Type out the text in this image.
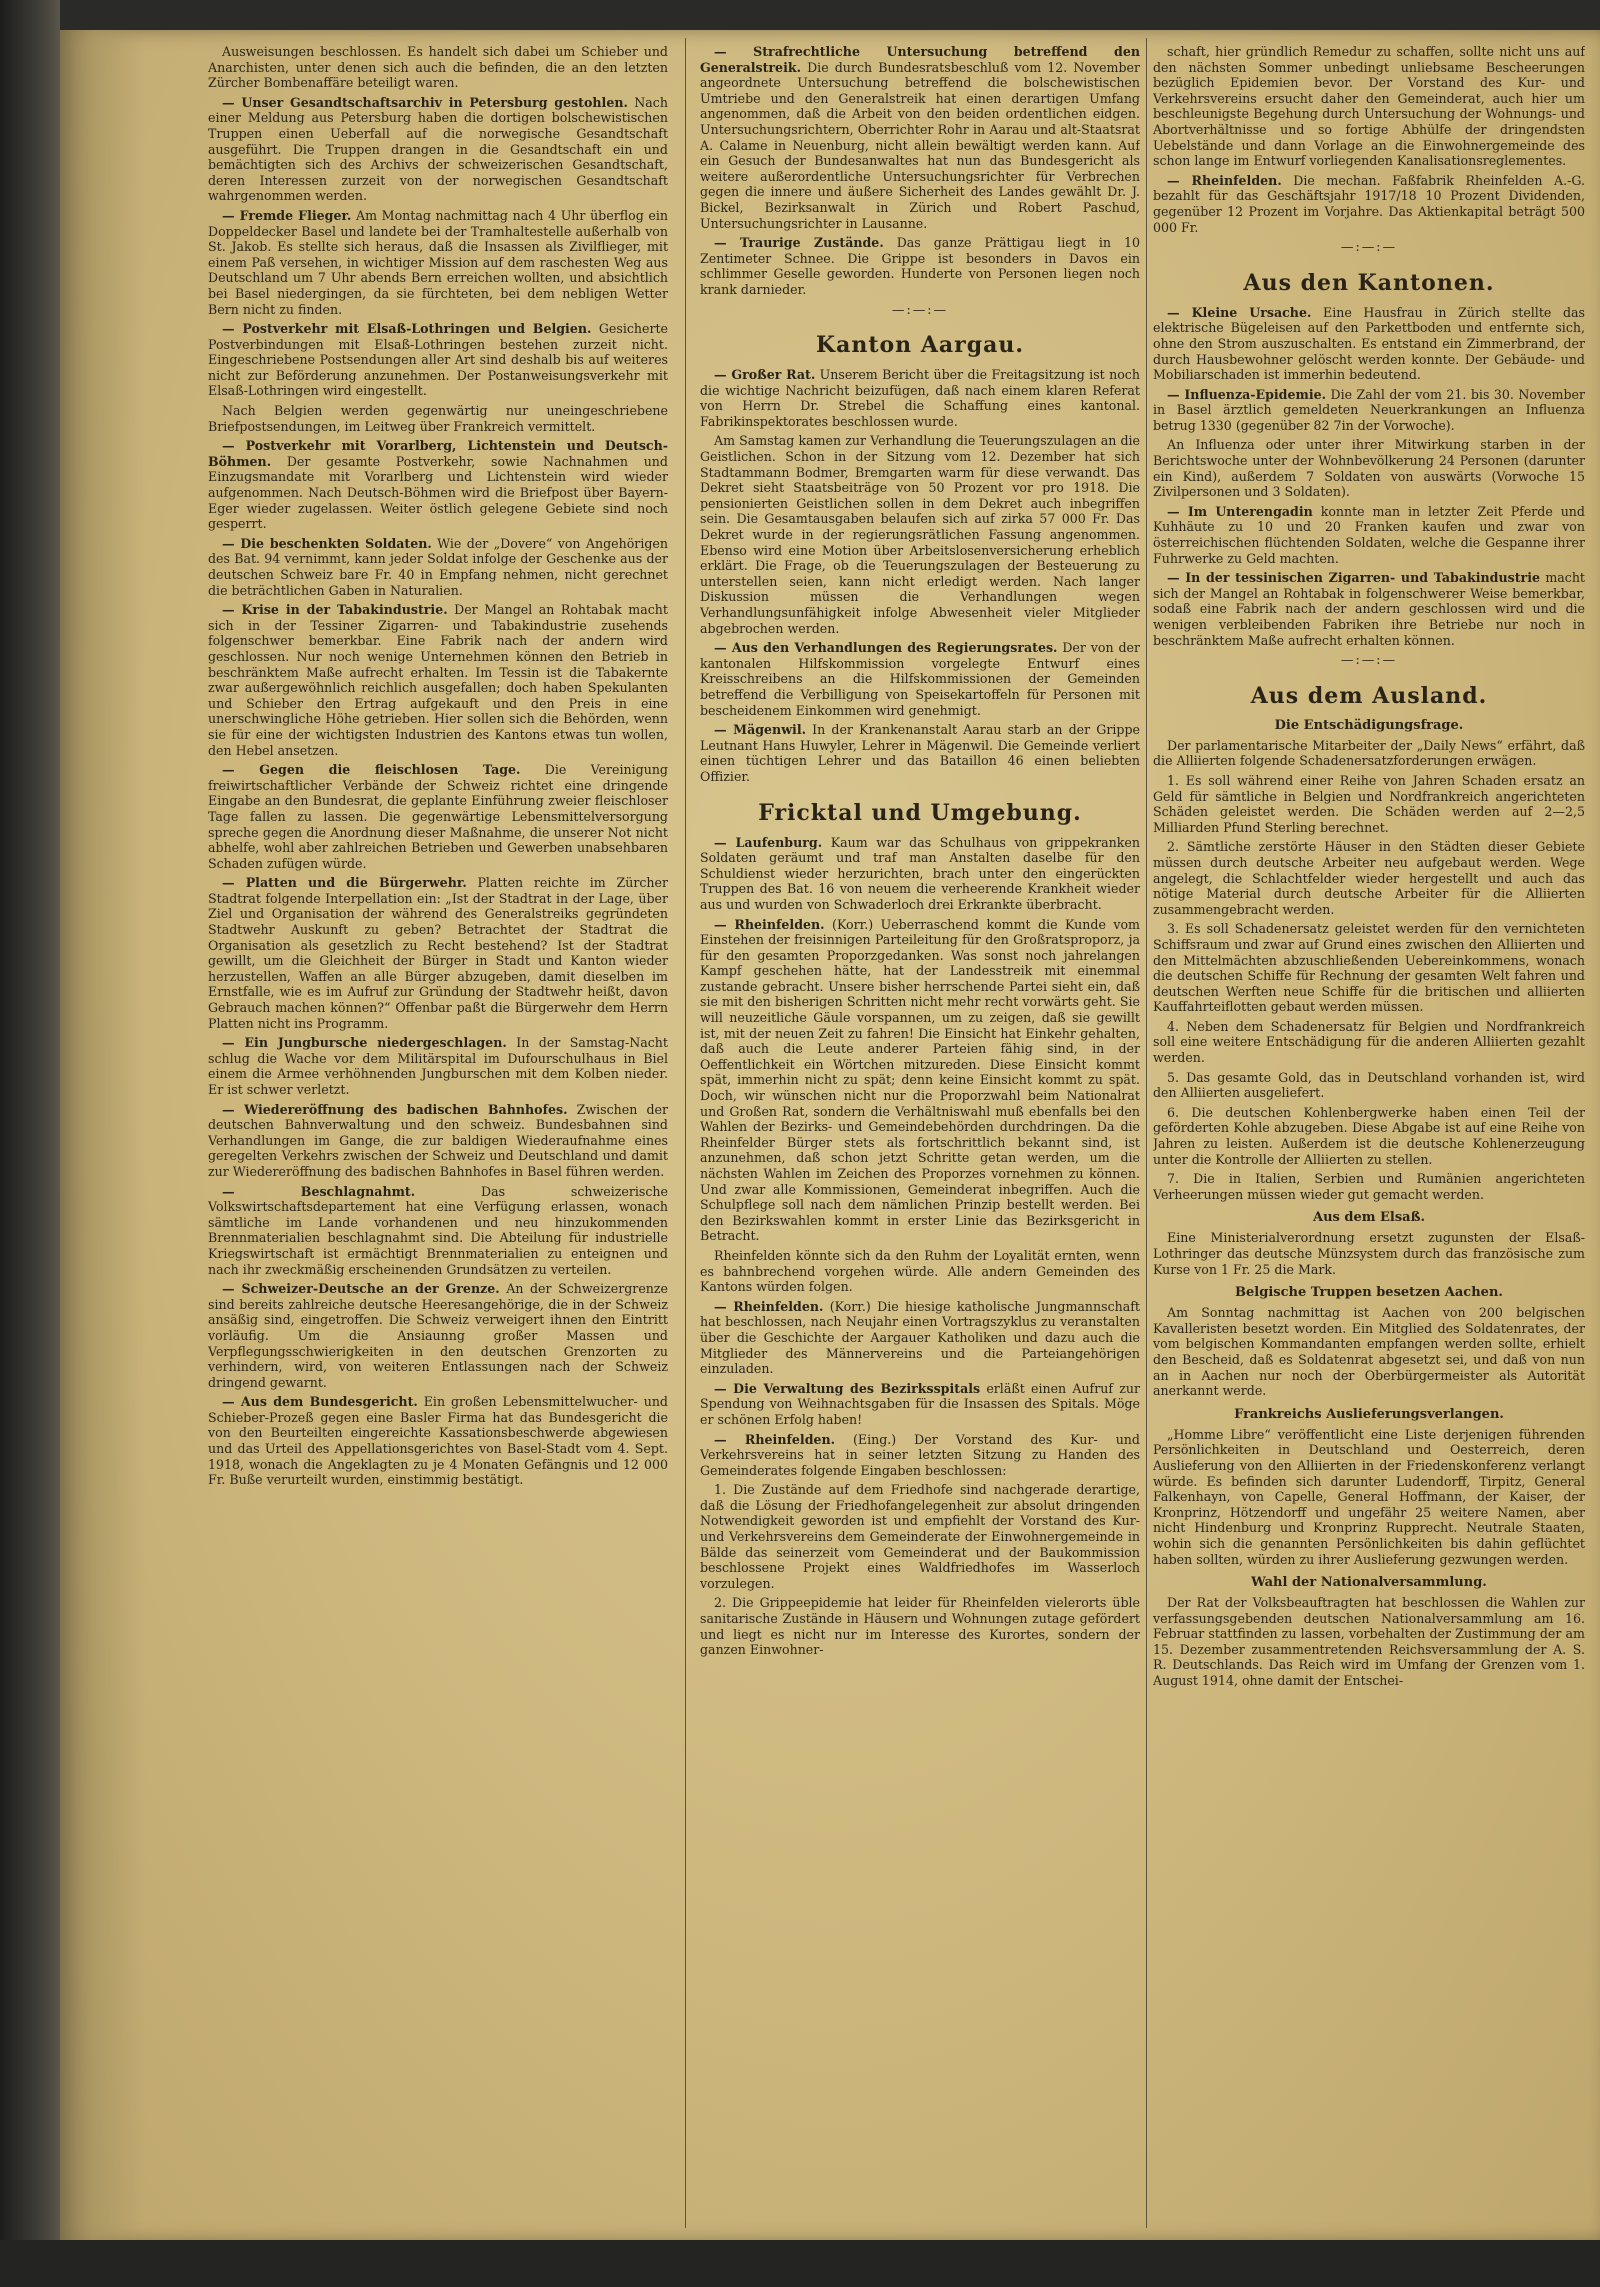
Ausweisungen beschlossen. Es handelt sich dabei um Schieber und Anarchisten, unter denen sich auch die befinden, die an den letzten Zürcher Bombenaffäre beteiligt waren.

— Unser Gesandtschaftsarchiv in Petersburg gestohlen. Nach einer Meldung aus Petersburg haben die dortigen bolschewistischen Truppen einen Ueberfall auf die norwegische Gesandtschaft ausgeführt. Die Truppen drangen in die Gesandtschaft ein und bemächtigten sich des Archivs der schweizerischen Gesandtschaft, deren Interessen zurzeit von der norwegischen Gesandtschaft wahrgenommen werden.

— Fremde Flieger. Am Montag nachmittag nach 4 Uhr überflog ein Doppeldecker Basel und landete bei der Tramhaltestelle außerhalb von St. Jakob. Es stellte sich heraus, daß die Insassen als Zivilflieger, mit einem Paß versehen, in wichtiger Mission auf dem raschesten Weg aus Deutschland um 7 Uhr abends Bern erreichen wollten, und absichtlich bei Basel niedergingen, da sie fürchteten, bei dem nebligen Wetter Bern nicht zu finden.

— Postverkehr mit Elsaß-Lothringen und Belgien. Gesicherte Postverbindungen mit Elsaß-Lothringen bestehen zurzeit nicht. Eingeschriebene Postsendungen aller Art sind deshalb bis auf weiteres nicht zur Beförderung anzunehmen. Der Postanweisungsverkehr mit Elsaß-Lothringen wird eingestellt.

Nach Belgien werden gegenwärtig nur uneingeschriebene Briefpostsendungen, im Leitweg über Frankreich vermittelt.

— Postverkehr mit Vorarlberg, Lichtenstein und Deutsch-Böhmen. Der gesamte Postverkehr, sowie Nachnahmen und Einzugsmandate mit Vorarlberg und Lichtenstein wird wieder aufgenommen. Nach Deutsch-Böhmen wird die Briefpost über Bayern-Eger wieder zugelassen. Weiter östlich gelegene Gebiete sind noch gesperrt.

— Die beschenkten Soldaten. Wie der „Dovere“ von Angehörigen des Bat. 94 vernimmt, kann jeder Soldat infolge der Geschenke aus der deutschen Schweiz bare Fr. 40 in Empfang nehmen, nicht gerechnet die beträchtlichen Gaben in Naturalien.

— Krise in der Tabakindustrie. Der Mangel an Rohtabak macht sich in der Tessiner Zigarren- und Tabakindustrie zusehends folgenschwer bemerkbar. Eine Fabrik nach der andern wird geschlossen. Nur noch wenige Unternehmen können den Betrieb in beschränktem Maße aufrecht erhalten. Im Tessin ist die Tabakernte zwar außergewöhnlich reichlich ausgefallen; doch haben Spekulanten und Schieber den Ertrag aufgekauft und den Preis in eine unerschwingliche Höhe getrieben. Hier sollen sich die Behörden, wenn sie für eine der wichtigsten Industrien des Kantons etwas tun wollen, den Hebel ansetzen.

— Gegen die fleischlosen Tage. Die Vereinigung freiwirtschaftlicher Verbände der Schweiz richtet eine dringende Eingabe an den Bundesrat, die geplante Einführung zweier fleischloser Tage fallen zu lassen. Die gegenwärtige Lebensmittelversorgung spreche gegen die Anordnung dieser Maßnahme, die unserer Not nicht abhelfe, wohl aber zahlreichen Betrieben und Gewerben unabsehbaren Schaden zufügen würde.

— Platten und die Bürgerwehr. Platten reichte im Zürcher Stadtrat folgende Interpellation ein: „Ist der Stadtrat in der Lage, über Ziel und Organisation der während des Generalstreiks gegründeten Stadtwehr Auskunft zu geben? Betrachtet der Stadtrat die Organisation als gesetzlich zu Recht bestehend? Ist der Stadtrat gewillt, um die Gleichheit der Bürger in Stadt und Kanton wieder herzustellen, Waffen an alle Bürger abzugeben, damit dieselben im Ernstfalle, wie es im Aufruf zur Gründung der Stadtwehr heißt, davon Gebrauch machen können?“ Offenbar paßt die Bürgerwehr dem Herrn Platten nicht ins Programm.

— Ein Jungbursche niedergeschlagen. In der Samstag-Nacht schlug die Wache vor dem Militärspital im Dufourschulhaus in Biel einem die Armee verhöhnenden Jungburschen mit dem Kolben nieder. Er ist schwer verletzt.

— Wiedereröffnung des badischen Bahnhofes. Zwischen der deutschen Bahnverwaltung und den schweiz. Bundesbahnen sind Verhandlungen im Gange, die zur baldigen Wiederaufnahme eines geregelten Verkehrs zwischen der Schweiz und Deutschland und damit zur Wiedereröffnung des badischen Bahnhofes in Basel führen werden.

— Beschlagnahmt.	Das schweizerische Volkswirtschaftsdepartement hat eine Verfügung erlassen, wonach sämtliche im Lande vorhandenen und neu hinzukommenden Brennmaterialien beschlagnahmt sind. Die Abteilung für industrielle Kriegswirtschaft ist ermächtigt Brennmaterialien zu enteignen und nach ihr zweckmäßig erscheinenden Grundsätzen zu verteilen.

— Schweizer-Deutsche an der Grenze. An der Schweizergrenze sind bereits zahlreiche deutsche Heeresangehörige, die in der Schweiz ansäßig sind, eingetroffen. Die Schweiz verweigert ihnen den Eintritt vorläufig. Um die Ansiaunng großer Massen und Verpflegungsschwierigkeiten in den deutschen Grenzorten zu verhindern, wird, von weiteren Entlassungen nach der Schweiz dringend gewarnt.

— Aus dem Bundesgericht. Ein großen Lebensmittelwucher- und Schieber-Prozeß gegen eine Basler Firma hat das Bundesgericht die von den Beurteilten eingereichte Kassationsbeschwerde abgewiesen und das Urteil des Appellationsgerichtes von Basel-Stadt vom 4. Sept. 1918, wonach die Angeklagten zu je 4 Monaten Gefängnis und 12 000 Fr. Buße verurteilt wurden, einstimmig bestätigt.

— Strafrechtliche Untersuchung betreffend den Generalstreik. Die durch Bundesratsbeschluß vom 12. November angeordnete Untersuchung betreffend die bolschewistischen Umtriebe und den Generalstreik hat einen derartigen Umfang angenommen, daß die Arbeit von den beiden ordentlichen eidgen. Untersuchungsrichtern, Oberrichter Rohr in Aarau und alt-Staatsrat A. Calame in Neuenburg, nicht allein bewältigt werden kann. Auf ein Gesuch der Bundesanwaltes hat nun das Bundesgericht als weitere außerordentliche Untersuchungsrichter für Verbrechen gegen die innere und äußere Sicherheit des Landes gewählt Dr. J. Bickel, Bezirksanwalt in Zürich und Robert Paschud, Untersuchungsrichter in Lausanne.

— Traurige Zustände. Das ganze Prättigau liegt in 10 Zentimeter Schnee. Die Grippe ist besonders in Davos ein schlimmer Geselle geworden. Hunderte von Personen liegen noch krank darnieder.

—:—:—
Kanton Aargau.

— Großer Rat. Unserem Bericht über die Freitagsitzung ist noch die wichtige Nachricht beizufügen, daß nach einem klaren Referat von Herrn Dr. Strebel die Schaffung eines kantonal. Fabrikinspektorates beschlossen wurde.

Am Samstag kamen zur Verhandlung die Teuerungszulagen an die Geistlichen. Schon in der Sitzung vom 12. Dezember hat sich Stadtammann Bodmer, Bremgarten warm für diese verwandt. Das Dekret sieht Staatsbeiträge von 50 Prozent vor pro 1918. Die pensionierten Geistlichen sollen in dem Dekret auch inbegriffen sein. Die Gesamtausgaben belaufen sich auf zirka 57 000 Fr. Das Dekret wurde in der regierungsrätlichen Fassung angenommen. Ebenso wird eine Motion über Arbeitslosenversicherung erheblich erklärt. Die Frage, ob die Teuerungszulagen der Besteuerung zu unterstellen seien, kann nicht erledigt werden. Nach langer Diskussion müssen die Verhandlungen wegen Verhandlungsunfähigkeit infolge Abwesenheit vieler Mitglieder abgebrochen werden.

— Aus den Verhandlungen des Regierungsrates. Der von der kantonalen Hilfskommission vorgelegte Entwurf eines Kreisschreibens an die Hilfskommissionen der Gemeinden betreffend die Verbilligung von Speisekartoffeln für Personen mit bescheidenem Einkommen wird genehmigt.

— Mägenwil. In der Krankenanstalt Aarau starb an der Grippe Leutnant Hans Huwyler, Lehrer in Mägenwil. Die Gemeinde verliert einen tüchtigen Lehrer und das Bataillon 46 einen beliebten Offizier.

Fricktal und Umgebung.

— Laufenburg. Kaum war das Schulhaus von grippekranken Soldaten geräumt und traf man Anstalten daselbe für den Schuldienst wieder herzurichten, brach unter den eingerückten Truppen des Bat. 16 von neuem die verheerende Krankheit wieder aus und wurden von Schwaderloch drei Erkrankte überbracht.

— Rheinfelden. (Korr.) Ueberraschend kommt die Kunde vom Einstehen der freisinnigen Parteileitung für den Großratsproporz, ja für den gesamten Proporzgedanken. Was sonst noch jahrelangen Kampf geschehen hätte, hat der Landesstreik mit einemmal zustande gebracht. Unsere bisher herrschende Partei sieht ein, daß sie mit den bisherigen Schritten nicht mehr recht vorwärts geht. Sie will neuzeitliche Gäule vorspannen, um zu zeigen, daß sie gewillt ist, mit der neuen Zeit zu fahren! Die Einsicht hat Einkehr gehalten, daß auch die Leute anderer Parteien fähig sind, in der Oeffentlichkeit ein Wörtchen mitzureden. Diese Einsicht kommt spät, immerhin nicht zu spät; denn keine Einsicht kommt zu spät. Doch, wir wünschen nicht nur die Proporzwahl beim Nationalrat und Großen Rat, sondern die Verhältniswahl muß ebenfalls bei den Wahlen der Bezirks- und Gemeindebehörden durchdringen. Da die Rheinfelder Bürger stets als fortschrittlich bekannt sind, ist anzunehmen, daß schon jetzt Schritte getan werden, um die nächsten Wahlen im Zeichen des Proporzes vornehmen zu können. Und zwar alle Kommissionen, Gemeinderat inbegriffen. Auch die Schulpflege soll nach dem nämlichen Prinzip bestellt werden. Bei den Bezirkswahlen kommt in erster Linie das Bezirksgericht in Betracht.

Rheinfelden könnte sich da den Ruhm der Loyalität ernten, wenn es bahnbrechend vorgehen würde. Alle andern Gemeinden des Kantons würden folgen.

— Rheinfelden. (Korr.) Die hiesige katholische Jungmannschaft hat beschlossen, nach Neujahr einen Vortragszyklus zu veranstalten über die Geschichte der Aargauer Katholiken und dazu auch die Mitglieder des Männervereins und die Parteiangehörigen einzuladen.

— Die Verwaltung des Bezirksspitals erläßt einen Aufruf zur Spendung von Weihnachtsgaben für die Insassen des Spitals. Möge er schönen Erfolg haben!

— Rheinfelden. (Eing.) Der Vorstand des Kur- und Verkehrsvereins hat in seiner letzten Sitzung zu Handen des Gemeinderates folgende Eingaben beschlossen:

1. Die Zustände auf dem Friedhofe sind nachgerade derartige, daß die Lösung der Friedhofangelegenheit zur absolut dringenden Notwendigkeit geworden ist und empfiehlt der Vorstand des Kur- und Verkehrsvereins dem Gemeinderate der Einwohnergemeinde in Bälde das seinerzeit vom Gemeinderat und der Baukommission beschlossene Projekt eines Waldfriedhofes im Wasserloch vorzulegen.

2. Die Grippeepidemie hat leider für Rheinfelden vielerorts üble sanitarische Zustände in Häusern und Wohnungen zutage gefördert und liegt es nicht nur im Interesse des Kurortes, sondern der ganzen Einwohner-

schaft, hier gründlich Remedur zu schaffen, sollte nicht uns auf den nächsten Sommer unbedingt unliebsame Bescheerungen bezüglich Epidemien bevor. Der Vorstand des Kur- und Verkehrsvereins ersucht daher den Gemeinderat, auch hier um beschleunigste Begehung durch Untersuchung der Wohnungs- und Abortverhältnisse und so fortige Abhülfe der dringendsten Uebelstände und dann Vorlage an die Einwohnergemeinde des schon lange im Entwurf vorliegenden Kanalisationsreglementes.

— Rheinfelden. Die mechan. Faßfabrik Rheinfelden A.-G. bezahlt für das Geschäftsjahr 1917/18 10 Prozent Dividenden, gegenüber 12 Prozent im Vorjahre. Das Aktienkapital beträgt 500 000 Fr.

—:—:—
Aus den Kantonen.

— Kleine Ursache. Eine Hausfrau in Zürich stellte das elektrische Bügeleisen auf den Parkettboden und entfernte sich, ohne den Strom auszuschalten. Es entstand ein Zimmerbrand, der durch Hausbewohner gelöscht werden konnte. Der Gebäude- und Mobiliarschaden ist immerhin bedeutend.

— Influenza-Epidemie. Die Zahl der vom 21. bis 30. November in Basel ärztlich gemeldeten Neuerkrankungen an Influenza betrug 1330 (gegenüber 82 7in der Vorwoche).

An Influenza oder unter ihrer Mitwirkung starben in der Berichtswoche unter der Wohnbevölkerung 24 Personen (darunter ein Kind), außerdem 7 Soldaten von auswärts (Vorwoche 15 Zivilpersonen und 3 Soldaten).

— Im Unterengadin konnte man in letzter Zeit Pferde und Kuhhäute zu 10 und 20 Franken kaufen und zwar von österreichischen flüchtenden Soldaten, welche die Gespanne ihrer Fuhrwerke zu Geld machten.

— In der tessinischen Zigarren- und Tabakindustrie macht sich der Mangel an Rohtabak in folgenschwerer Weise bemerkbar, sodaß eine Fabrik nach der andern geschlossen wird und die wenigen verbleibenden Fabriken ihre Betriebe nur noch in beschränktem Maße aufrecht erhalten können.

—:—:—
Aus dem Ausland.
Die Entschädigungsfrage.

Der parlamentarische Mitarbeiter der „Daily News“ erfährt, daß die Alliierten folgende Schadenersatzforderungen erwägen.

1. Es soll während einer Reihe von Jahren Schaden ersatz an Geld für sämtliche in Belgien und Nordfrankreich angerichteten Schäden geleistet werden. Die Schäden werden auf 2—2,5 Milliarden Pfund Sterling berechnet.

2. Sämtliche zerstörte Häuser in den Städten dieser Gebiete müssen durch deutsche Arbeiter neu aufgebaut werden. Wege angelegt, die Schlachtfelder wieder hergestellt und auch das nötige Material durch deutsche Arbeiter für die Alliierten zusammengebracht werden.

3. Es soll Schadenersatz geleistet werden für den vernichteten Schiffsraum und zwar auf Grund eines zwischen den Alliierten und den Mittelmächten abzuschließenden Uebereinkommens, wonach die deutschen Schiffe für Rechnung der gesamten Welt fahren und deutschen Werften neue Schiffe für die britischen und alliierten Kauffahrteiflotten gebaut werden müssen.

4. Neben dem Schadenersatz für Belgien und Nordfrankreich soll eine weitere Entschädigung für die anderen Alliierten gezahlt werden.

5. Das gesamte Gold, das in Deutschland vorhanden ist, wird den Alliierten ausgeliefert.

6. Die deutschen Kohlenbergwerke haben einen Teil der geförderten Kohle abzugeben. Diese Abgabe ist auf eine Reihe von Jahren zu leisten. Außerdem ist die deutsche Kohlenerzeugung unter die Kontrolle der Alliierten zu stellen.

7. Die in Italien, Serbien und Rumänien angerichteten Verheerungen müssen wieder gut gemacht werden.

Aus dem Elsaß.

Eine Ministerialverordnung ersetzt zugunsten der Elsaß-Lothringer das deutsche Münzsystem durch das französische zum Kurse von 1 Fr. 25 die Mark.

Belgische Truppen besetzen Aachen.

Am Sonntag nachmittag ist Aachen von 200 belgischen Kavalleristen besetzt worden. Ein Mitglied des Soldatenrates, der vom belgischen Kommandanten empfangen werden sollte, erhielt den Bescheid, daß es Soldatenrat abgesetzt sei, und daß von nun an in Aachen nur noch der Oberbürgermeister als Autorität anerkannt werde.

Frankreichs Auslieferungsverlangen.

„Homme Libre“ veröffentlicht eine Liste derjenigen führenden Persönlichkeiten in Deutschland und Oesterreich, deren Auslieferung von den Alliierten in der Friedenskonferenz verlangt würde. Es befinden sich darunter Ludendorff, Tirpitz, General Falkenhayn, von Capelle, General Hoffmann, der Kaiser, der Kronprinz, Hötzendorff und ungefähr 25 weitere Namen, aber nicht Hindenburg und Kronprinz Rupprecht. Neutrale Staaten, wohin sich die genannten Persönlichkeiten bis dahin geflüchtet haben sollten, würden zu ihrer Auslieferung gezwungen werden.

Wahl der Nationalversammlung.

Der Rat der Volksbeauftragten hat beschlossen die Wahlen zur verfassungsgebenden deutschen Nationalversammlung am 16. Februar stattfinden zu lassen, vorbehalten der Zustimmung der am 15. Dezember zusammentretenden Reichsversammlung der A. S. R. Deutschlands. Das Reich wird im Umfang der Grenzen vom 1. August 1914, ohne damit der Entschei-
